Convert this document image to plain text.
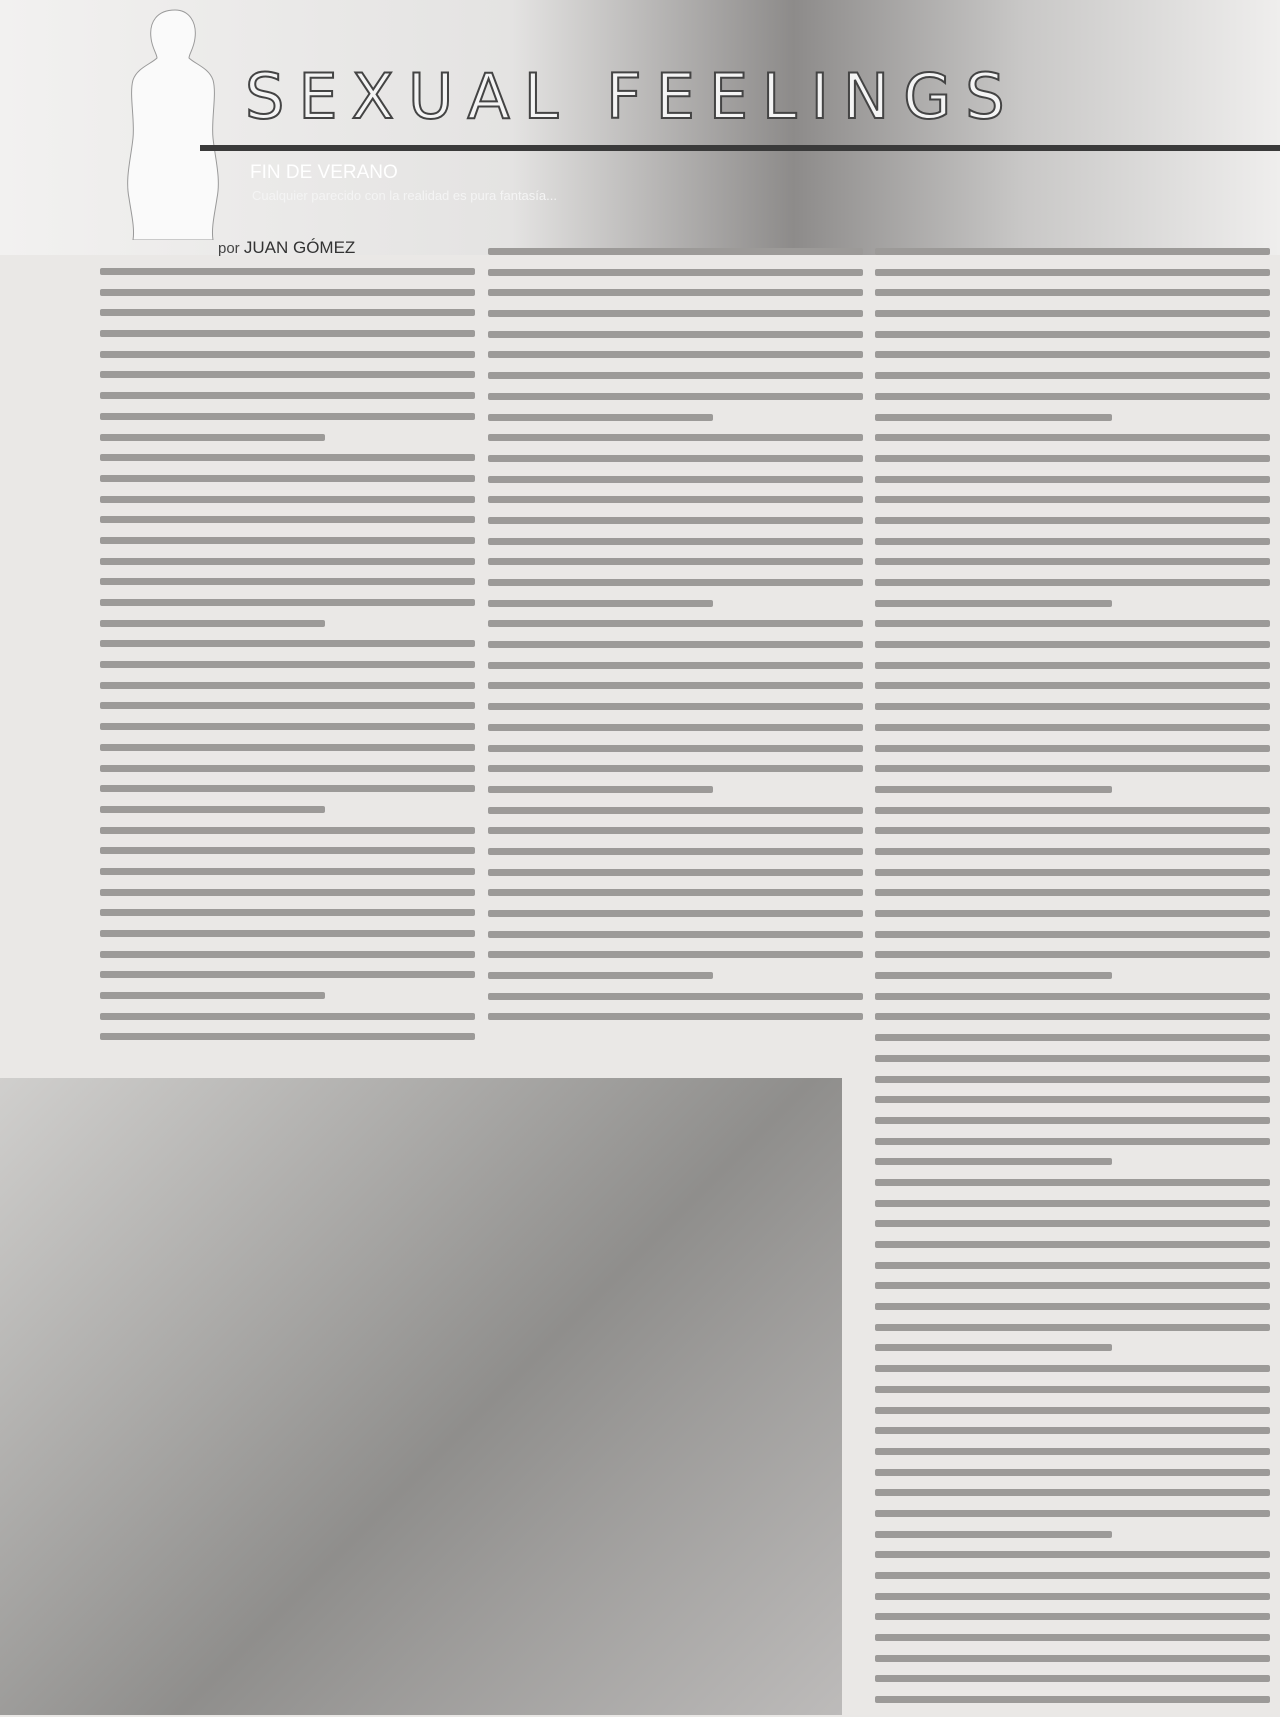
SEXUAL FEELINGS
FIN DE VERANO
Cualquier parecido con la realidad es pura fantasía...
por JUAN GÓMEZ
